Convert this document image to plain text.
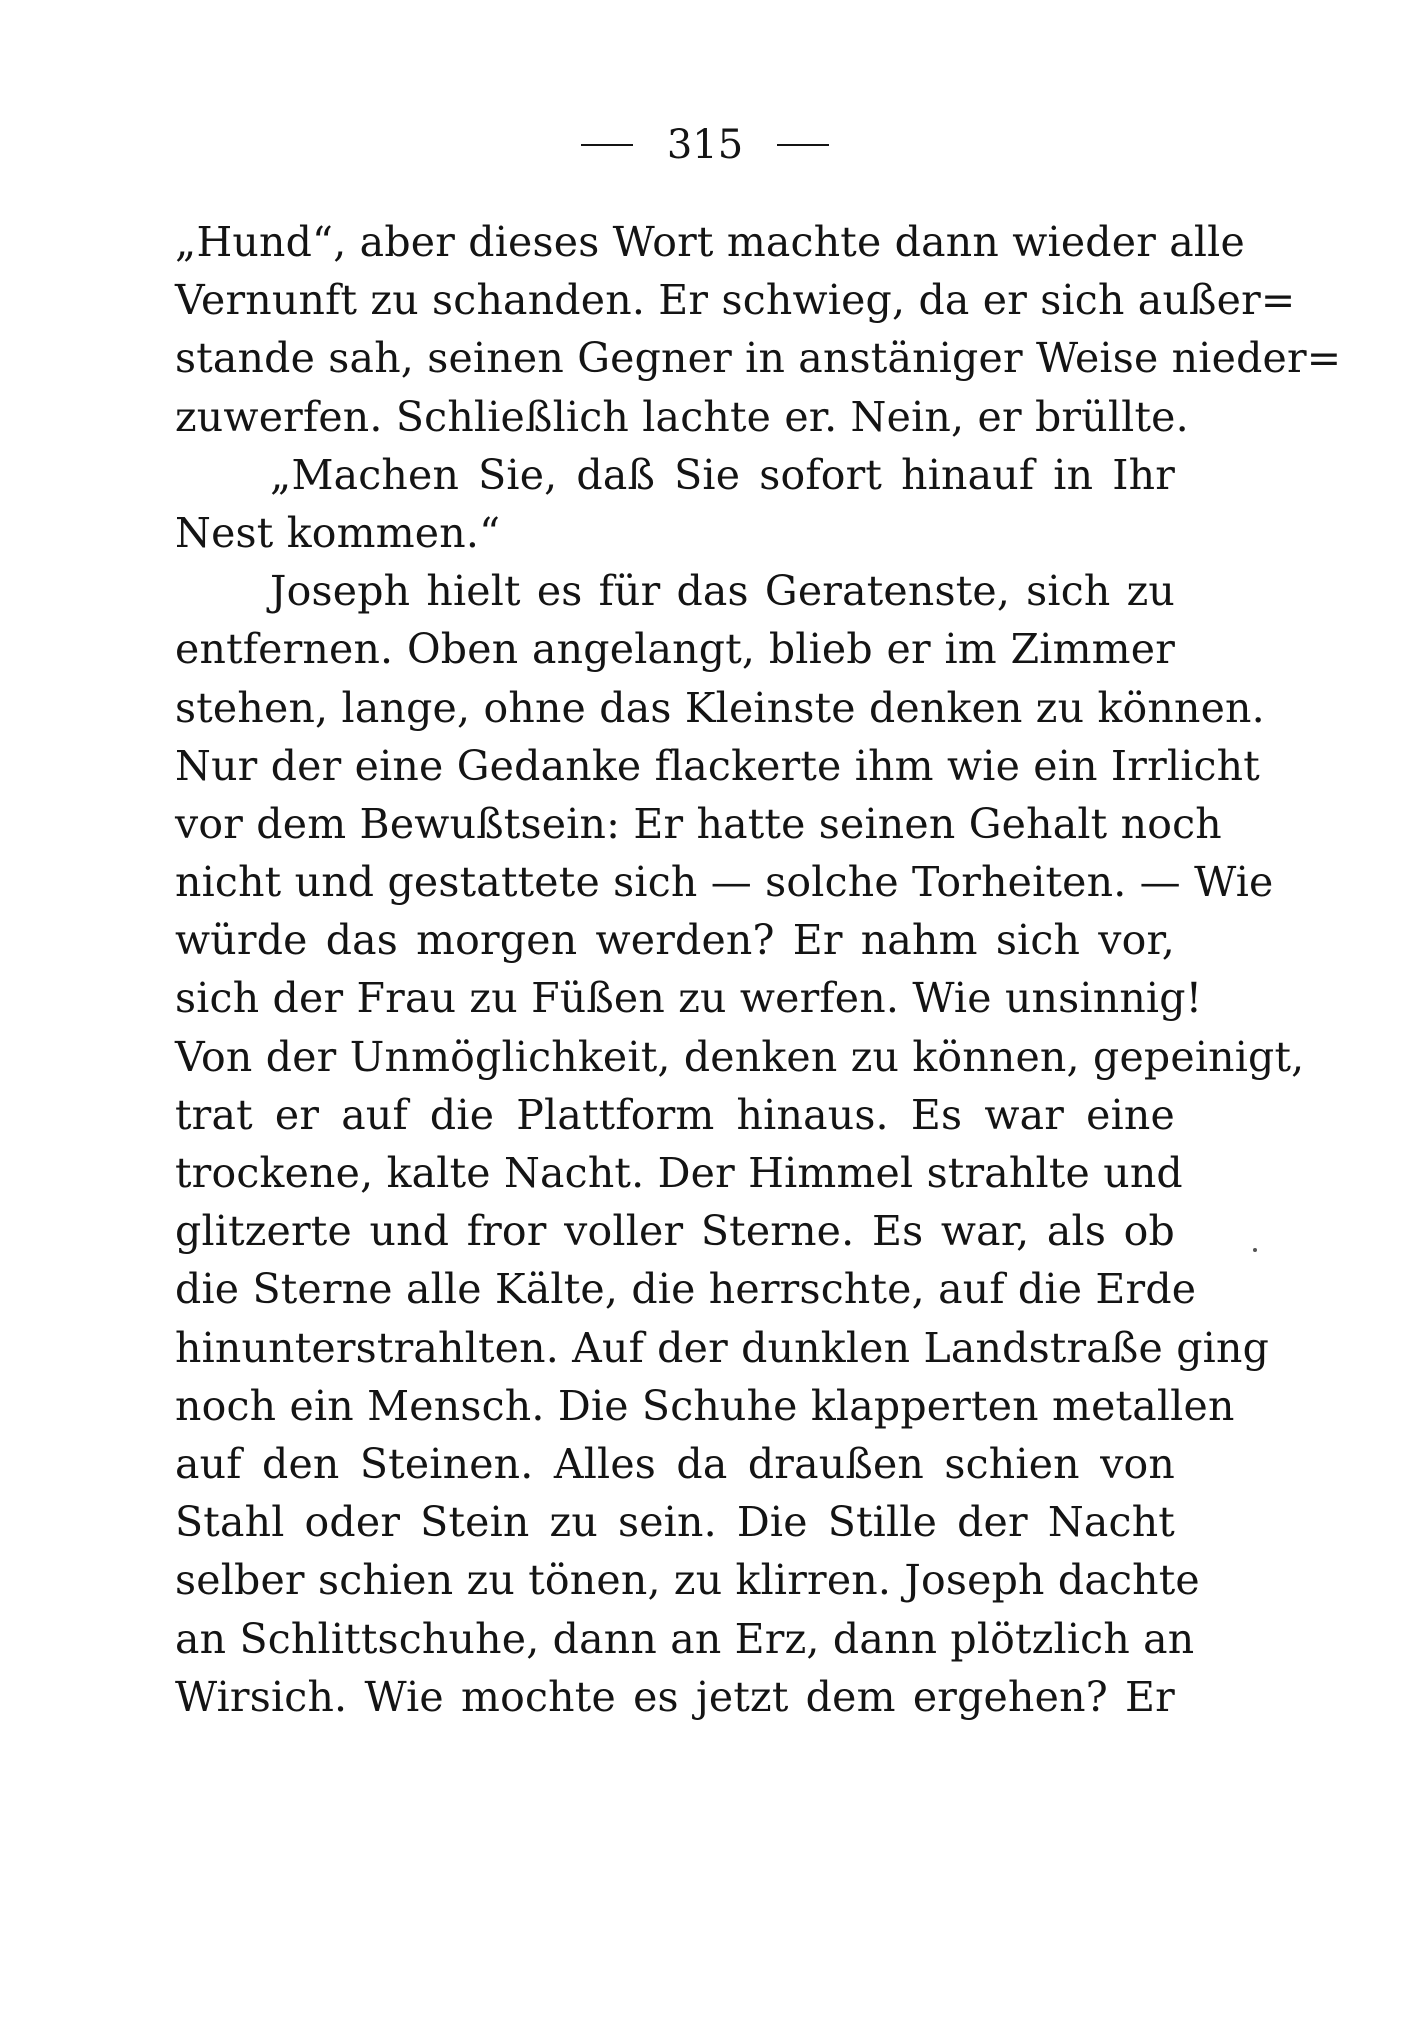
315
„Hund“, aber dieses Wort machte dann wieder alle
Vernunft zu schanden. Er schwieg, da er sich außer=
stande sah, seinen Gegner in anstäniger Weise nieder=
zuwerfen. Schließlich lachte er. Nein, er brüllte.
„Machen Sie, daß Sie sofort hinauf in Ihr
Nest kommen.“
Joseph hielt es für das Geratenste, sich zu
entfernen. Oben angelangt, blieb er im Zimmer
stehen, lange, ohne das Kleinste denken zu können.
Nur der eine Gedanke flackerte ihm wie ein Irrlicht
vor dem Bewußtsein: Er hatte seinen Gehalt noch
nicht und gestattete sich — solche Torheiten. — Wie
würde das morgen werden? Er nahm sich vor,
sich der Frau zu Füßen zu werfen. Wie unsinnig!
Von der Unmöglichkeit, denken zu können, gepeinigt,
trat er auf die Plattform hinaus. Es war eine
trockene, kalte Nacht. Der Himmel strahlte und
glitzerte und fror voller Sterne. Es war, als ob
die Sterne alle Kälte, die herrschte, auf die Erde
hinunterstrahlten. Auf der dunklen Landstraße ging
noch ein Mensch. Die Schuhe klapperten metallen
auf den Steinen. Alles da draußen schien von
Stahl oder Stein zu sein. Die Stille der Nacht
selber schien zu tönen, zu klirren. Joseph dachte
an Schlittschuhe, dann an Erz, dann plötzlich an
Wirsich. Wie mochte es jetzt dem ergehen? Er
